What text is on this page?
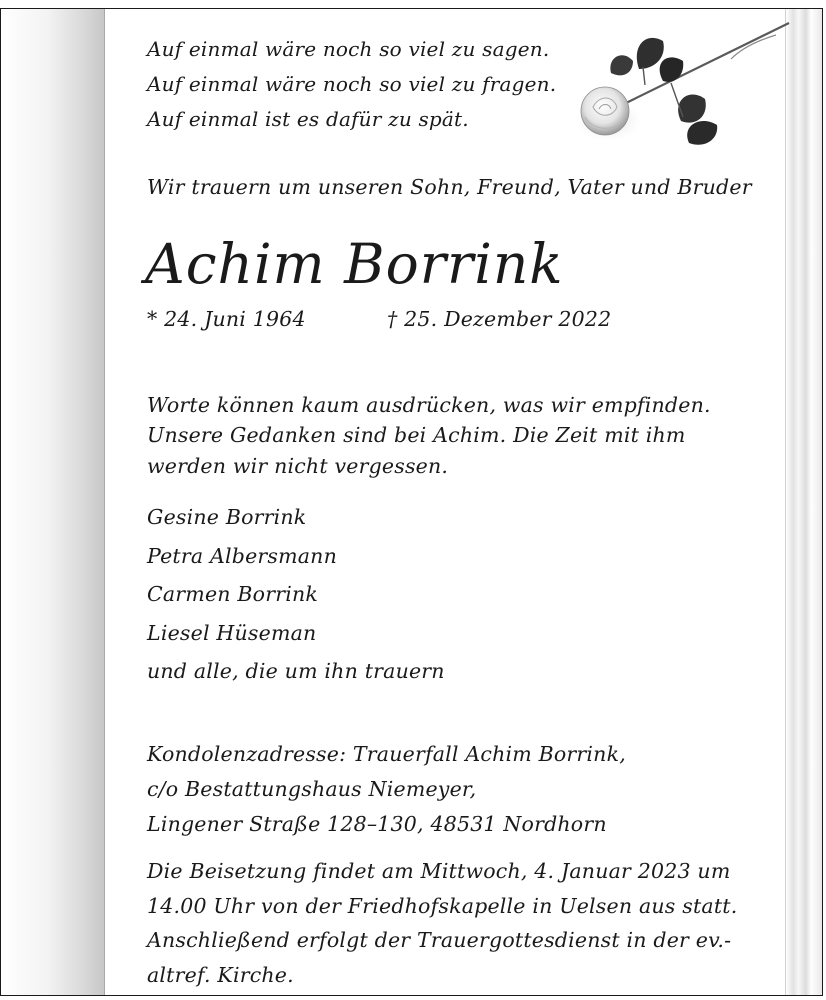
Auf einmal wäre noch so viel zu sagen.
Auf einmal wäre noch so viel zu fragen.
Auf einmal ist es dafür zu spät.
Wir trauern um unseren Sohn, Freund, Vater und Bruder
Achim Borrink
* 24. Juni 1964	† 25. Dezember 2022
Worte können kaum ausdrücken, was wir empfinden.
Unsere Gedanken sind bei Achim. Die Zeit mit ihm
werden wir nicht vergessen.
Gesine Borrink
Petra Albersmann
Carmen Borrink
Liesel Hüseman
und alle, die um ihn trauern
Kondolenzadresse: Trauerfall Achim Borrink,
c/o Bestattungshaus Niemeyer,
Lingener Straße 128–130, 48531 Nordhorn
Die Beisetzung findet am Mittwoch, 4. Januar 2023 um
14.00 Uhr von der Friedhofskapelle in Uelsen aus statt.
Anschließend erfolgt der Trauergottesdienst in der ev.-
altref. Kirche.
